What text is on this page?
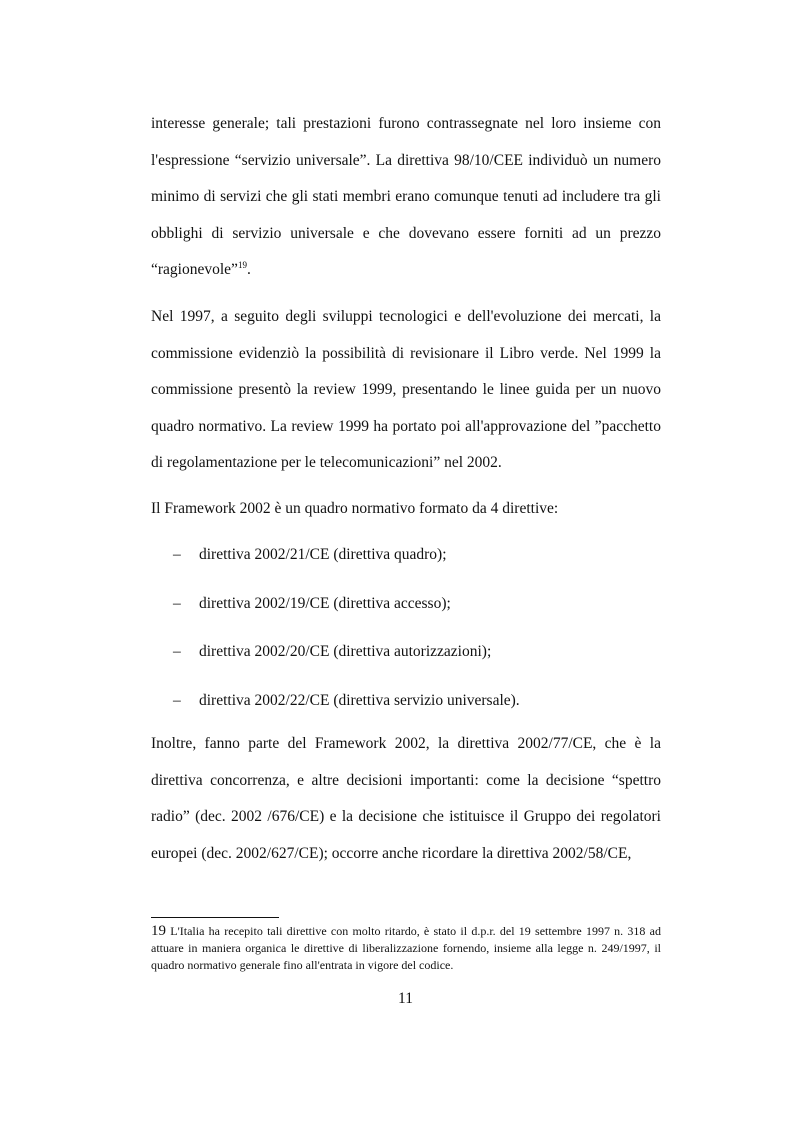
interesse generale; tali prestazioni furono contrassegnate nel loro insieme con l'espressione “servizio universale”. La direttiva 98/10/CEE individuò un numero minimo di servizi che gli stati membri erano comunque tenuti ad includere tra gli obblighi di servizio universale e che dovevano essere forniti ad un prezzo “ragionevole”$^{19}$.

Nel 1997, a seguito degli sviluppi tecnologici e dell'evoluzione dei mercati, la commissione evidenziò la possibilità di revisionare il Libro verde. Nel 1999 la commissione presentò la review 1999, presentando le linee guida per un nuovo quadro normativo. La review 1999 ha portato poi all'approvazione del ”pacchetto di regolamentazione per le telecomunicazioni” nel 2002.

Il Framework 2002 è un quadro normativo formato da 4 direttive:

– direttiva 2002/21/CE (direttiva quadro);
– direttiva 2002/19/CE (direttiva accesso);
– direttiva 2002/20/CE (direttiva autorizzazioni);
– direttiva 2002/22/CE (direttiva servizio universale).

Inoltre, fanno parte del Framework 2002, la direttiva 2002/77/CE, che è la direttiva concorrenza, e altre decisioni importanti: come la decisione “spettro radio” (dec. 2002 /676/CE) e la decisione che istituisce il Gruppo dei regolatori europei (dec. 2002/627/CE); occorre anche ricordare la direttiva 2002/58/CE,

19 L'Italia ha recepito tali direttive con molto ritardo, è stato il d.p.r. del 19 settembre 1997 n. 318 ad attuare in maniera organica le direttive di liberalizzazione fornendo, insieme alla legge n. 249/1997, il quadro normativo generale fino all'entrata in vigore del codice.

11
